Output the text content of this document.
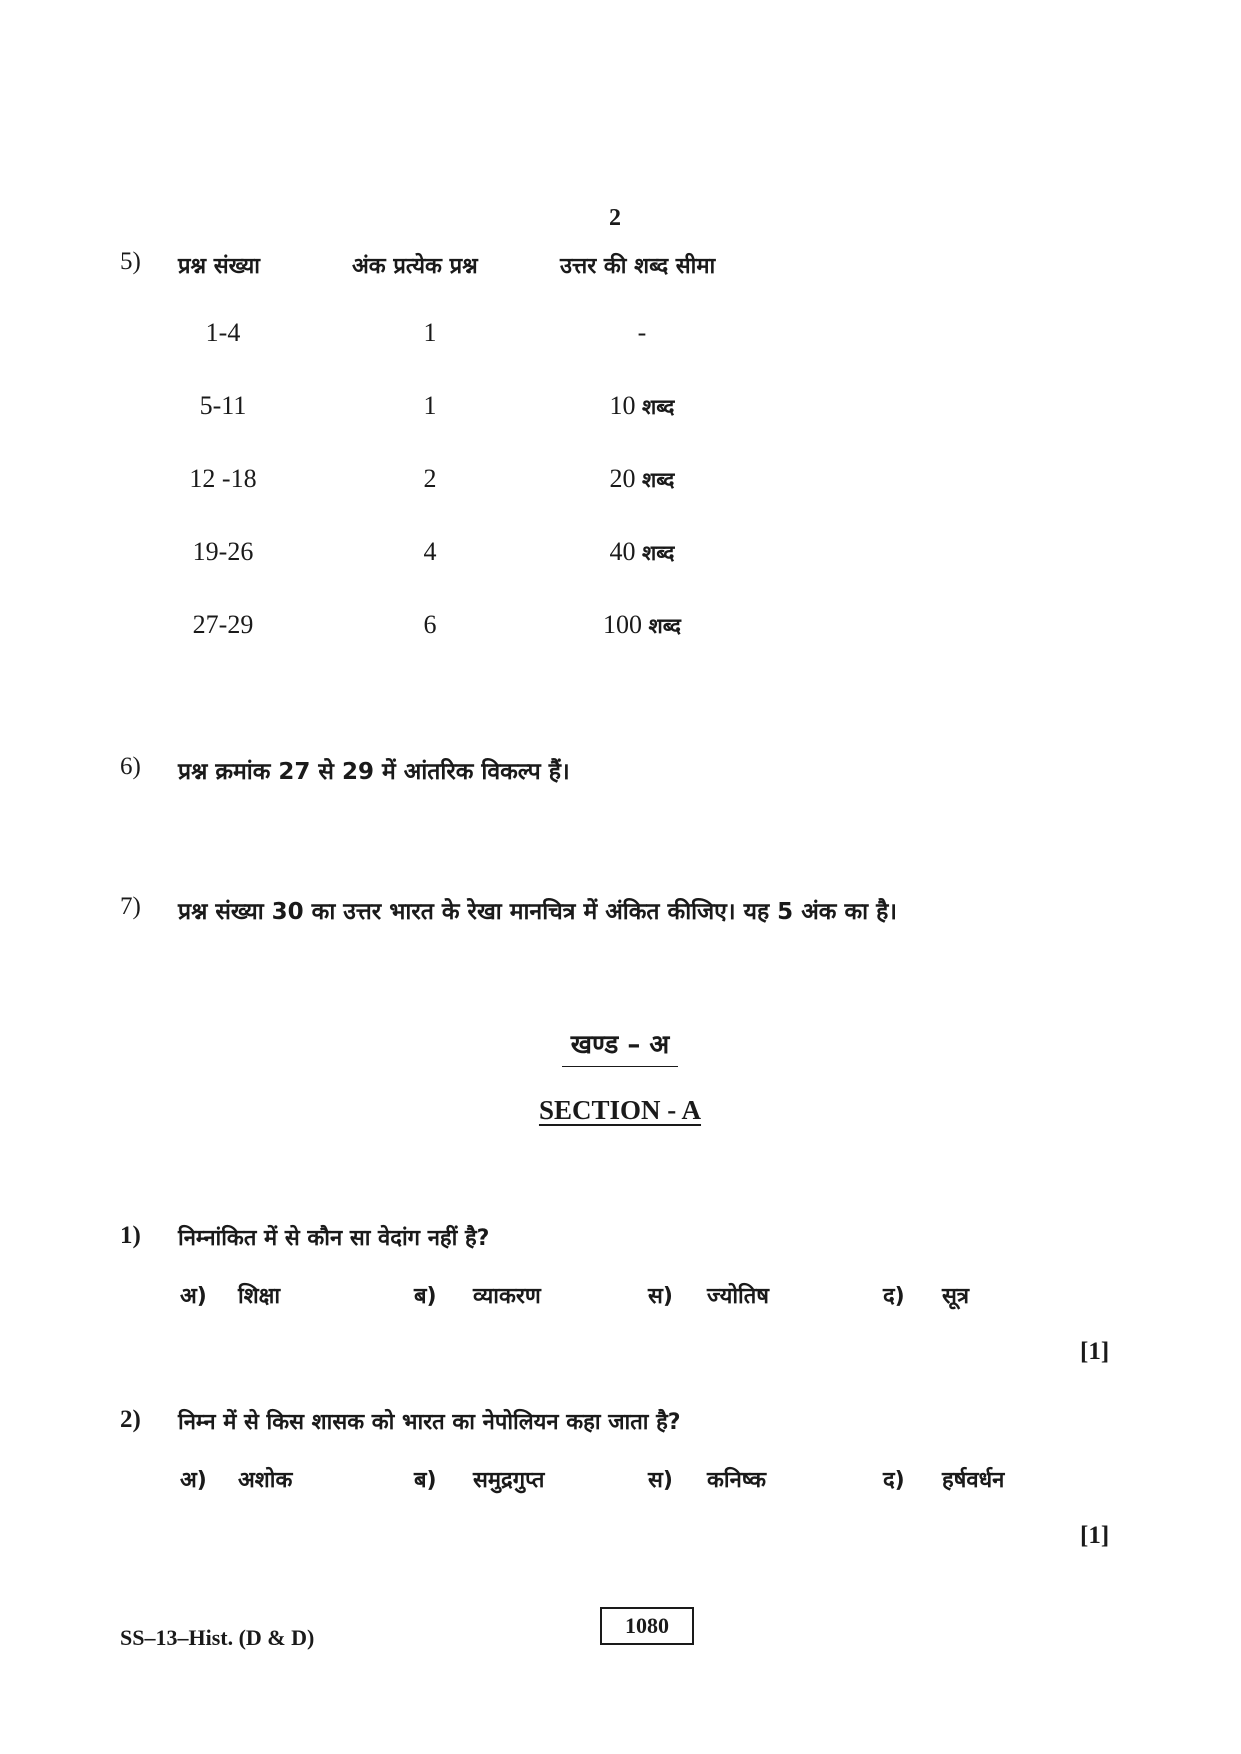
2
5) प्रश्न संख्या	अंक प्रत्येक प्रश्न	उत्तर की शब्द सीमा
1-4	1	-
5-11	1	10 शब्द
12 -18	2	20 शब्द
19-26	4	40 शब्द
27-29	6	100 शब्द
6) प्रश्न क्रमांक 27 से 29 में आंतरिक विकल्प हैं।
7) प्रश्न संख्या 30 का उत्तर भारत के रेखा मानचित्र में अंकित कीजिए। यह 5 अंक का है।
खण्ड – अ
SECTION - A
1) निम्नांकित में से कौन सा वेदांग नहीं है?
अ) शिक्षा	ब) व्याकरण	स) ज्योतिष	द) सूत्र
[1]
2) निम्न में से किस शासक को भारत का नेपोलियन कहा जाता है?
अ) अशोक	ब) समुद्रगुप्त	स) कनिष्क	द) हर्षवर्धन
[1]
SS–13–Hist. (D & D)	1080
